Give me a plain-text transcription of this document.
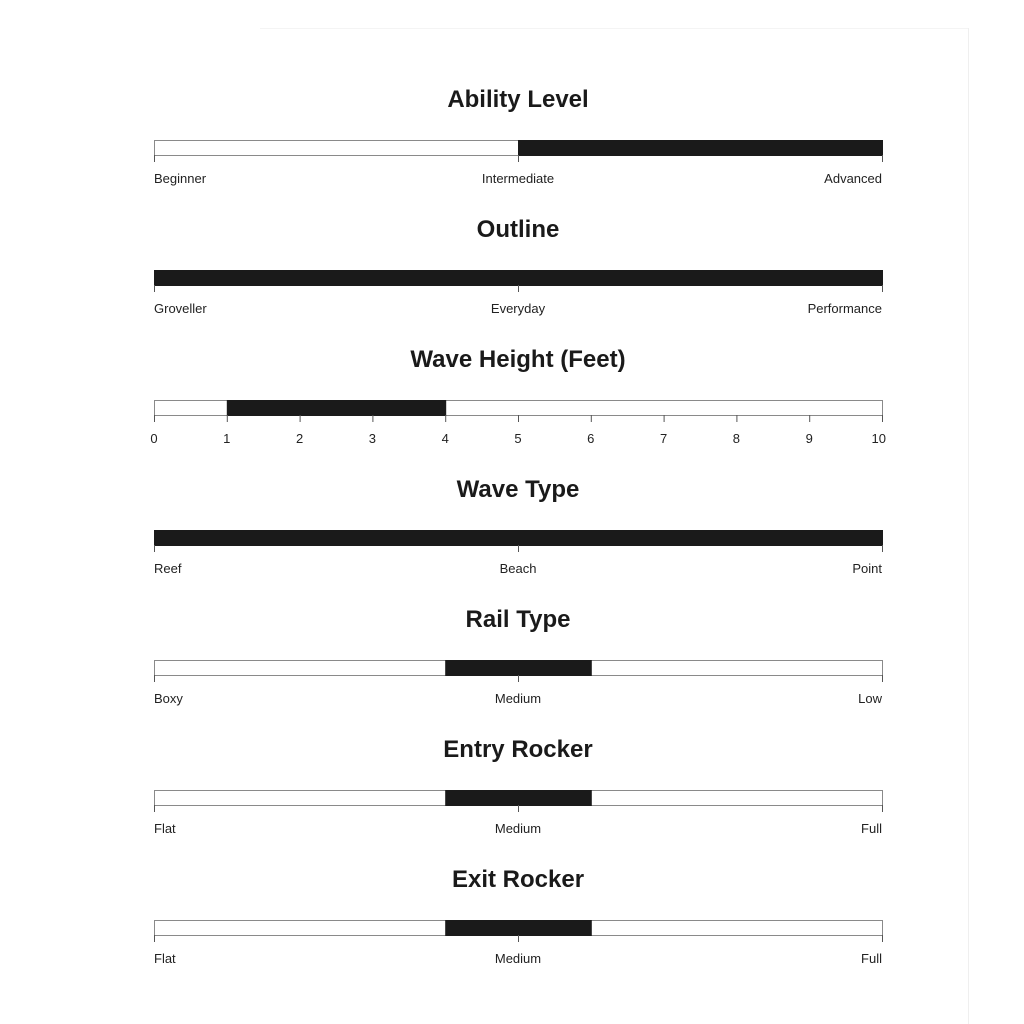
Ability Level
Beginner	Intermediate	Advanced
Outline
Groveller	Everyday	Performance
Wave Height (Feet)
0	1	2	3	4	5	6	7	8	9	10
Wave Type
Reef	Beach	Point
Rail Type
Boxy	Medium	Low
Entry Rocker
Flat	Medium	Full
Exit Rocker
Flat	Medium	Full
